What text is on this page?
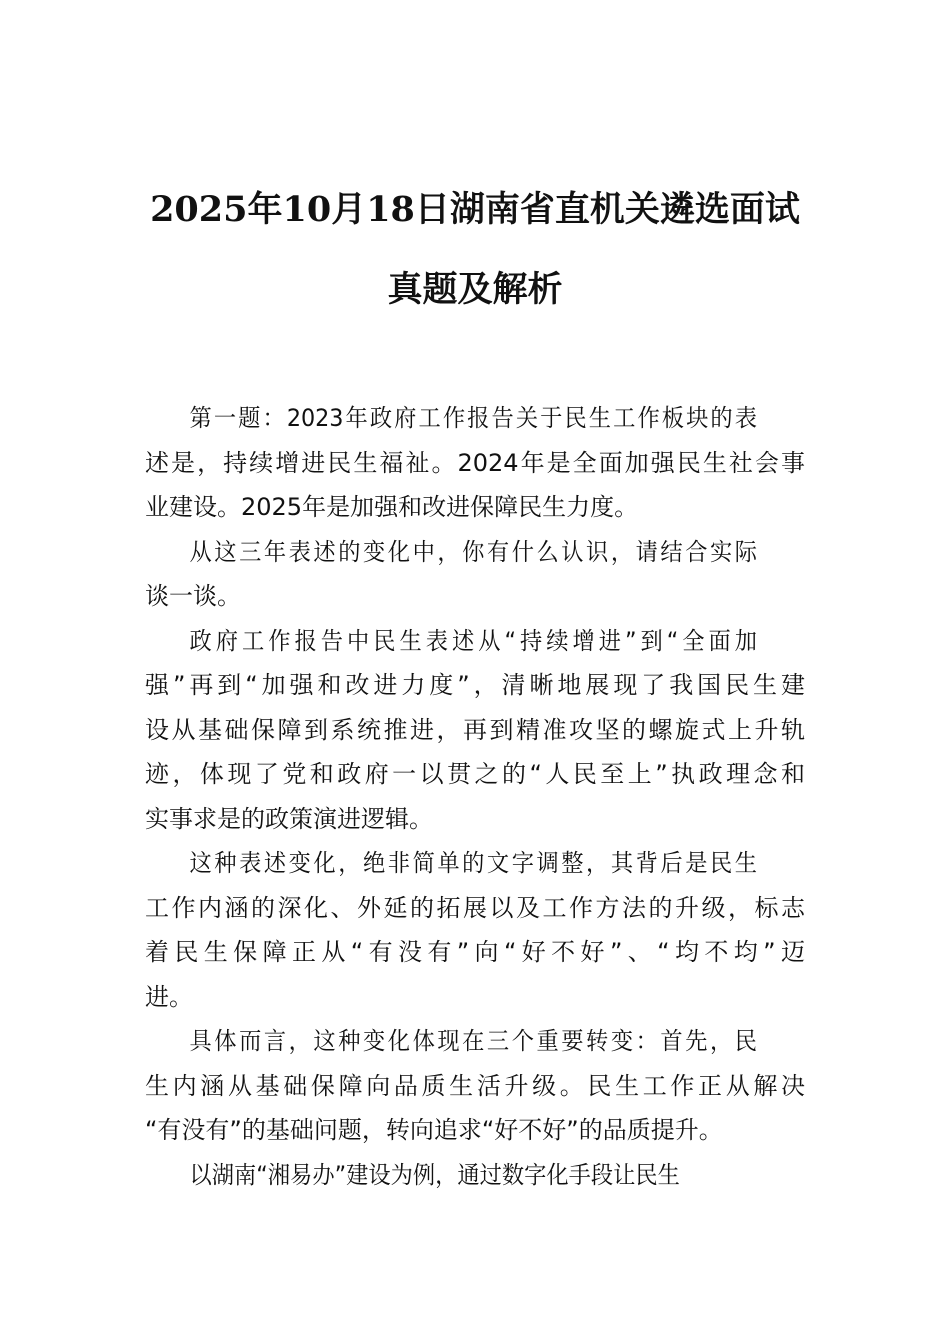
2025年10月18日湖南省直机关遴选面试
真题及解析
第一题：2023年政府工作报告关于民生工作板块的表
述是，持续增进民生福祉。2024年是全面加强民生社会事
业建设。2025年是加强和改进保障民生力度。
从这三年表述的变化中，你有什么认识，请结合实际
谈一谈。
政府工作报告中民生表述从“持续增进”到“全面加
强”再到“加强和改进力度”，清晰地展现了我国民生建
设从基础保障到系统推进，再到精准攻坚的螺旋式上升轨
迹，体现了党和政府一以贯之的“人民至上”执政理念和
实事求是的政策演进逻辑。
这种表述变化，绝非简单的文字调整，其背后是民生
工作内涵的深化、外延的拓展以及工作方法的升级，标志
着民生保障正从“有没有”向“好不好”、“均不均”迈
进。
具体而言，这种变化体现在三个重要转变：首先，民
生内涵从基础保障向品质生活升级。民生工作正从解决
“有没有”的基础问题，转向追求“好不好”的品质提升。
以湖南“湘易办”建设为例，通过数字化手段让民生
